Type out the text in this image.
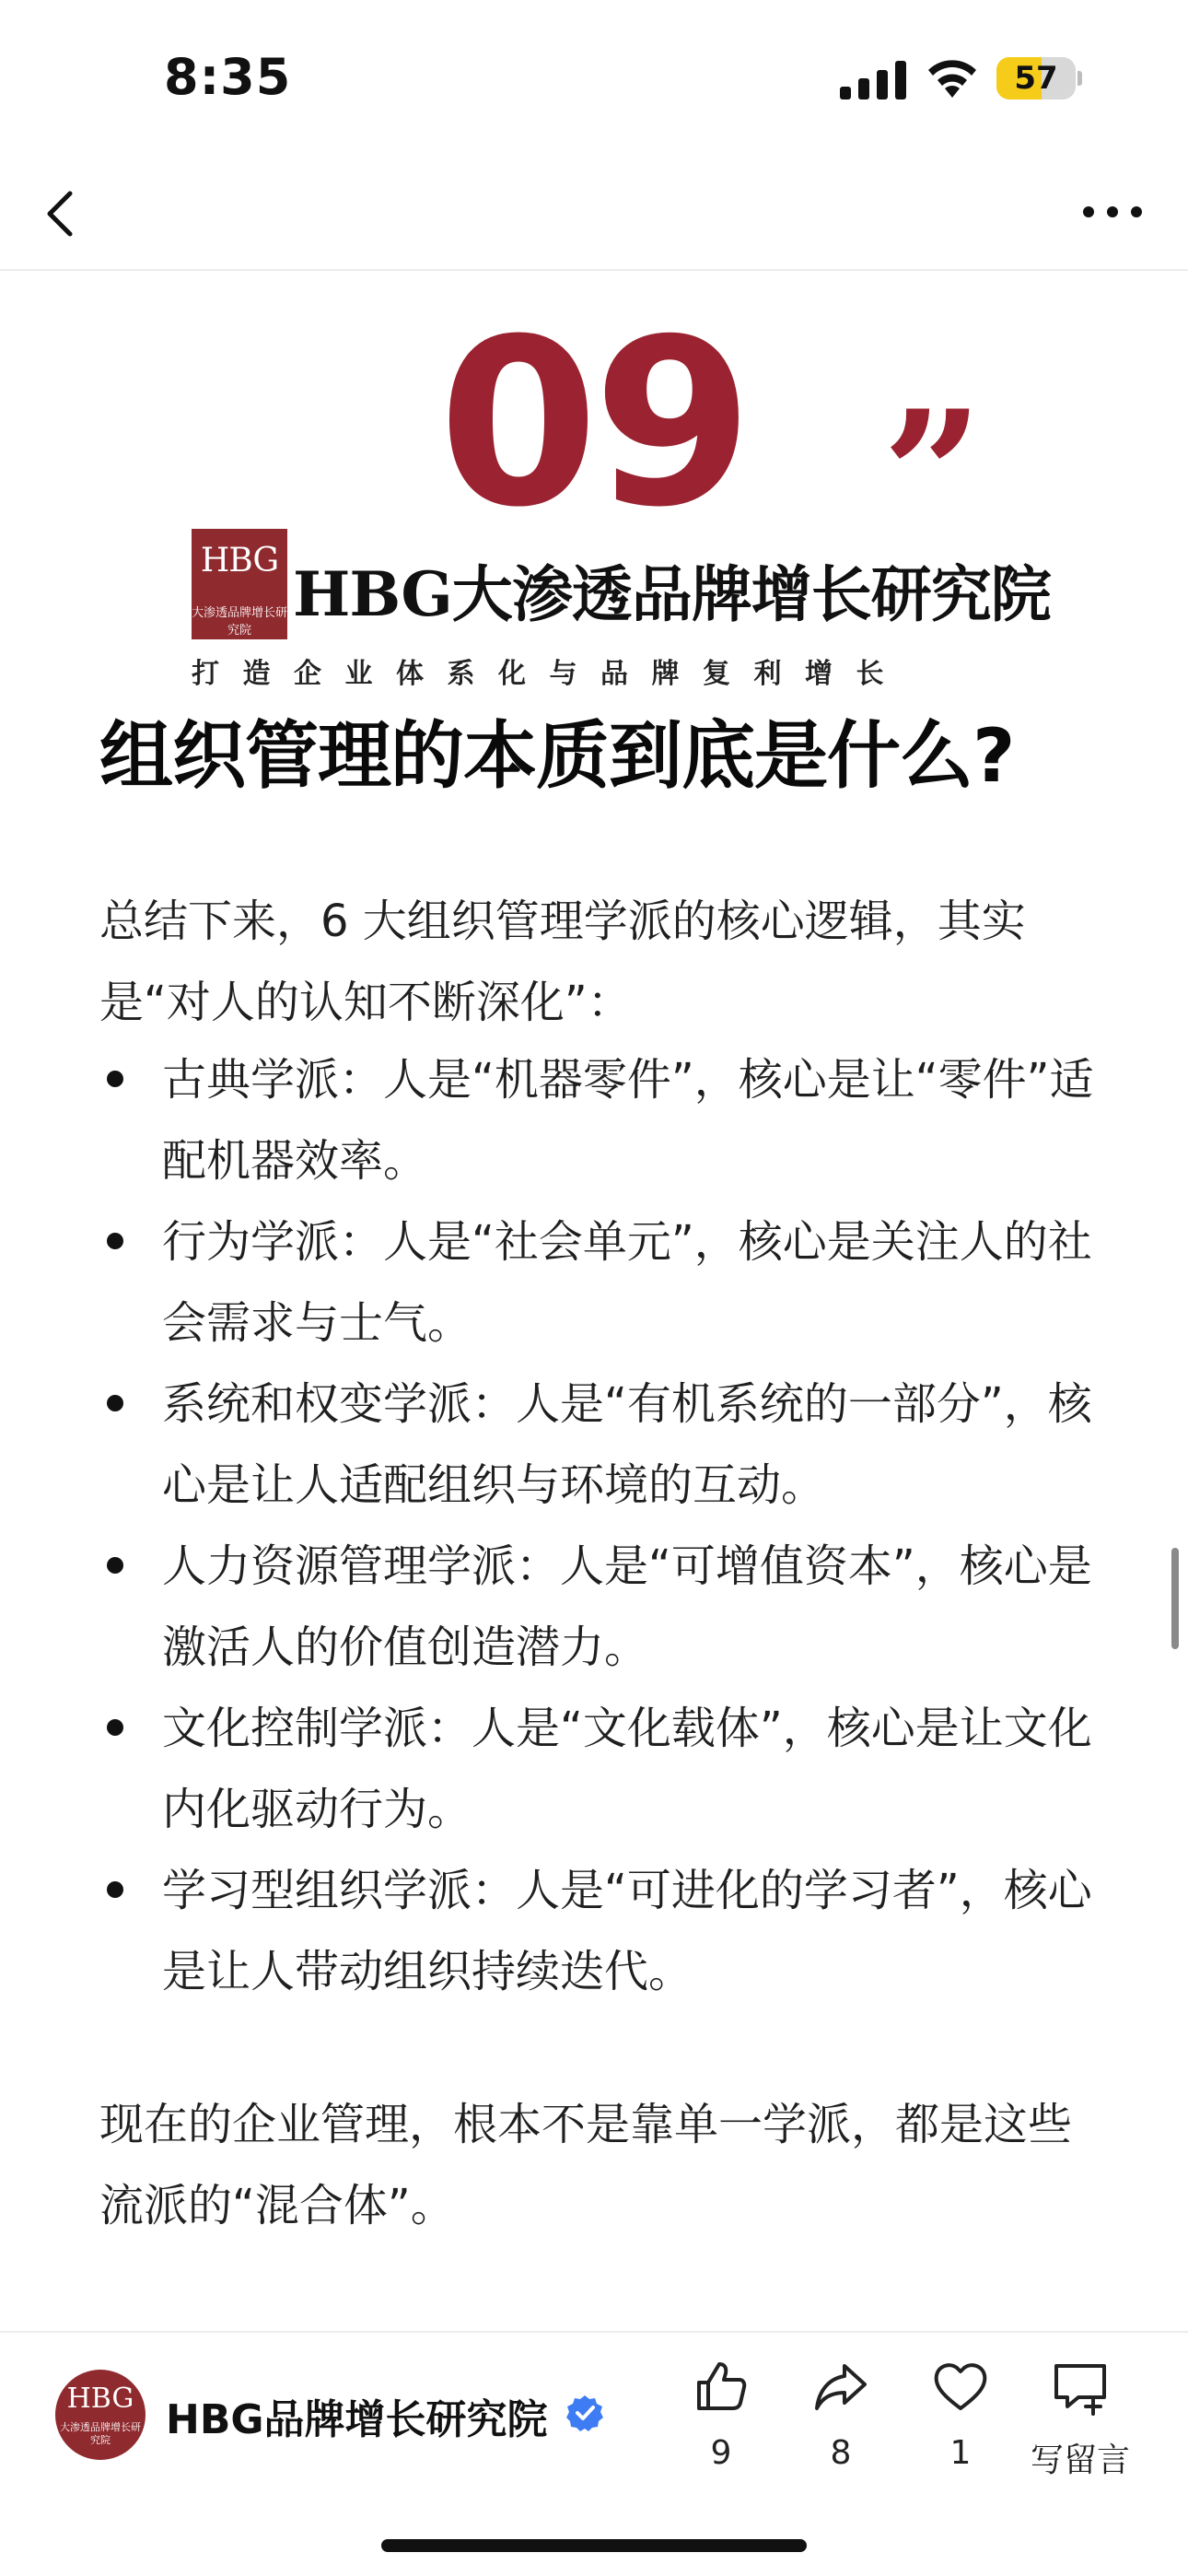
8:35	57
09 ”
HBG
大渗透品牌增长研究院
HBG大渗透品牌增长研究院
打造企业体系化与品牌复利增长
组织管理的本质到底是什么?
总结下来，6 大组织管理学派的核心逻辑，其实是“对人的认知不断深化”：
古典学派：人是“机器零件”，核心是让“零件”适配机器效率。
行为学派：人是“社会单元”，核心是关注人的社会需求与士气。
系统和权变学派：人是“有机系统的一部分”，核心是让人适配组织与环境的互动。
人力资源管理学派：人是“可增值资本”，核心是激活人的价值创造潜力。
文化控制学派：人是“文化载体”，核心是让文化内化驱动行为。
学习型组织学派：人是“可进化的学习者”，核心是让人带动组织持续迭代。
现在的企业管理，根本不是靠单一学派，都是这些流派的“混合体”。
HBG
大渗透品牌增长研究院	HBG品牌增长研究院
9	8	1	写留言
